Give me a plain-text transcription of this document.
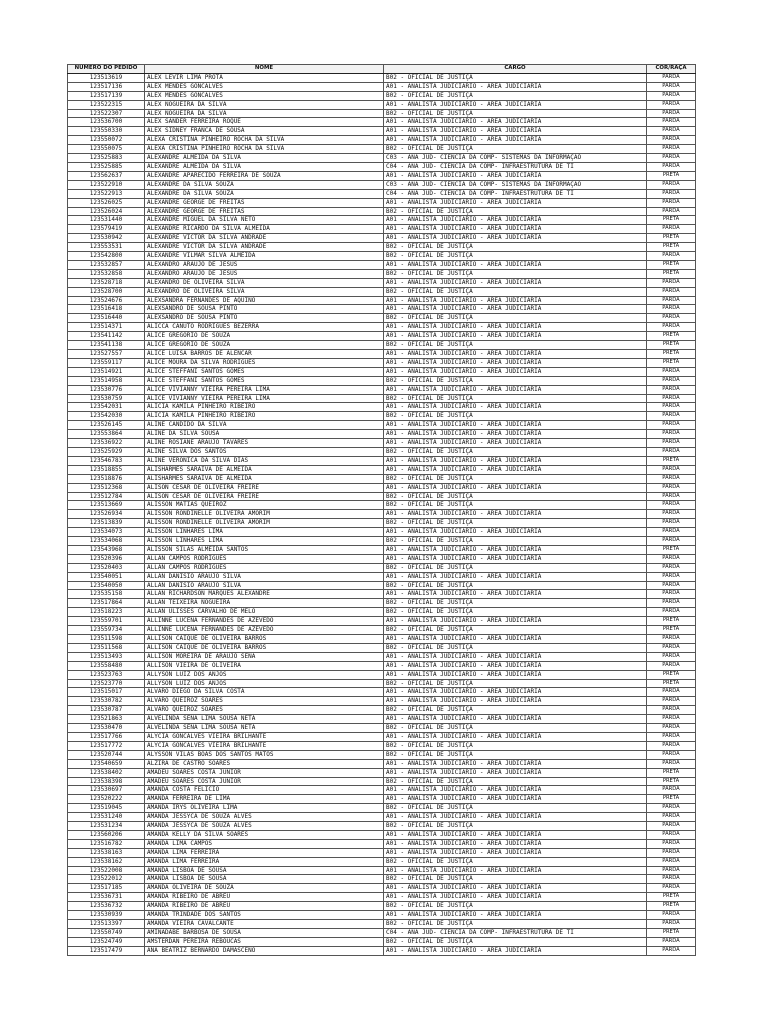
NUMERO DO PEDIDO	NOME	CARGO	COR/RAÇA
123513619	ALEX LEVIR LIMA PROTA	B02 - OFICIAL DE JUSTIÇA	PARDA
123517136	ALEX MENDES GONCALVES	A01 - ANALISTA JUDICIÁRIO - ÁREA JUDICIÁRIA	PARDA
123517139	ALEX MENDES GONCALVES	B02 - OFICIAL DE JUSTIÇA	PARDA
123522315	ALEX NOGUEIRA DA SILVA	A01 - ANALISTA JUDICIÁRIO - ÁREA JUDICIÁRIA	PARDA
123522307	ALEX NOGUEIRA DA SILVA	B02 - OFICIAL DE JUSTIÇA	PARDA
123536700	ALEX SANDER FERREIRA ROQUE	A01 - ANALISTA JUDICIÁRIO - ÁREA JUDICIÁRIA	PARDA
123550330	ALEX SIDNEY FRANCA DE SOUSA	A01 - ANALISTA JUDICIÁRIO - ÁREA JUDICIÁRIA	PARDA
123550072	ALEXA CRISTINA PINHEIRO ROCHA DA SILVA	A01 - ANALISTA JUDICIÁRIO - ÁREA JUDICIÁRIA	PARDA
123550075	ALEXA CRISTINA PINHEIRO ROCHA DA SILVA	B02 - OFICIAL DE JUSTIÇA	PARDA
123525883	ALEXANDRE ALMEIDA DA SILVA	C03 - ANA JUD- CIÊNCIA DA COMP- SISTEMAS DA INFORMAÇÃO	PARDA
123525885	ALEXANDRE ALMEIDA DA SILVA	C04 - ANA JUD- CIÊNCIA DA COMP- INFRAESTRUTURA DE TI	PARDA
123562637	ALEXANDRE APARECIDO FERREIRA DE SOUZA	A01 - ANALISTA JUDICIÁRIO - ÁREA JUDICIÁRIA	PRETA
123522910	ALEXANDRE DA SILVA SOUZA	C03 - ANA JUD- CIÊNCIA DA COMP- SISTEMAS DA INFORMAÇÃO	PARDA
123522913	ALEXANDRE DA SILVA SOUZA	C04 - ANA JUD- CIÊNCIA DA COMP- INFRAESTRUTURA DE TI	PARDA
123526025	ALEXANDRE GEORGE DE FREITAS	A01 - ANALISTA JUDICIÁRIO - ÁREA JUDICIÁRIA	PARDA
123526024	ALEXANDRE GEORGE DE FREITAS	B02 - OFICIAL DE JUSTIÇA	PARDA
123531440	ALEXANDRE MIGUEL DA SILVA NETO	A01 - ANALISTA JUDICIÁRIO - ÁREA JUDICIÁRIA	PRETA
123579419	ALEXANDRE RICARDO DA SILVA ALMEIDA	A01 - ANALISTA JUDICIÁRIO - ÁREA JUDICIÁRIA	PARDA
123530942	ALEXANDRE VICTOR DA SILVA ANDRADE	A01 - ANALISTA JUDICIÁRIO - ÁREA JUDICIÁRIA	PRETA
123553531	ALEXANDRE VICTOR DA SILVA ANDRADE	B02 - OFICIAL DE JUSTIÇA	PRETA
123542800	ALEXANDRE VILMAR SILVA ALMEIDA	B02 - OFICIAL DE JUSTIÇA	PARDA
123532857	ALEXANDRO ARAUJO DE JESUS	A01 - ANALISTA JUDICIÁRIO - ÁREA JUDICIÁRIA	PRETA
123532858	ALEXANDRO ARAUJO DE JESUS	B02 - OFICIAL DE JUSTIÇA	PRETA
123528718	ALEXANDRO DE OLIVEIRA SILVA	A01 - ANALISTA JUDICIÁRIO - ÁREA JUDICIÁRIA	PARDA
123528700	ALEXANDRO DE OLIVEIRA SILVA	B02 - OFICIAL DE JUSTIÇA	PARDA
123524676	ALEXSANDRA FERNANDES DE AQUINO	A01 - ANALISTA JUDICIÁRIO - ÁREA JUDICIÁRIA	PARDA
123516418	ALEXSANDRO DE SOUSA PINTO	A01 - ANALISTA JUDICIÁRIO - ÁREA JUDICIÁRIA	PARDA
123516440	ALEXSANDRO DE SOUSA PINTO	B02 - OFICIAL DE JUSTIÇA	PARDA
123514371	ALICCA CANUTO RODRIGUES BEZERRA	A01 - ANALISTA JUDICIÁRIO - ÁREA JUDICIÁRIA	PARDA
123541142	ALICE GREGORIO DE SOUZA	A01 - ANALISTA JUDICIÁRIO - ÁREA JUDICIÁRIA	PRETA
123541138	ALICE GREGORIO DE SOUZA	B02 - OFICIAL DE JUSTIÇA	PRETA
123527557	ALICE LUISA BARROS DE ALENCAR	A01 - ANALISTA JUDICIÁRIO - ÁREA JUDICIÁRIA	PRETA
123559117	ALICE MOURA DA SILVA RODRIGUES	A01 - ANALISTA JUDICIÁRIO - ÁREA JUDICIÁRIA	PRETA
123514921	ALICE STEFFANI SANTOS GOMES	A01 - ANALISTA JUDICIÁRIO - ÁREA JUDICIÁRIA	PARDA
123514958	ALICE STEFFANI SANTOS GOMES	B02 - OFICIAL DE JUSTIÇA	PARDA
123530776	ALICE VIVIANNY VIEIRA PEREIRA LIMA	A01 - ANALISTA JUDICIÁRIO - ÁREA JUDICIÁRIA	PARDA
123530759	ALICE VIVIANNY VIEIRA PEREIRA LIMA	B02 - OFICIAL DE JUSTIÇA	PARDA
123542031	ALICIA KAMILA PINHEIRO RIBEIRO	A01 - ANALISTA JUDICIÁRIO - ÁREA JUDICIÁRIA	PARDA
123542030	ALICIA KAMILA PINHEIRO RIBEIRO	B02 - OFICIAL DE JUSTIÇA	PARDA
123526145	ALINE CANDIDO DA SILVA	A01 - ANALISTA JUDICIÁRIO - ÁREA JUDICIÁRIA	PARDA
123553864	ALINE DA SILVA SOUSA	A01 - ANALISTA JUDICIÁRIO - ÁREA JUDICIÁRIA	PARDA
123536922	ALINE ROSIANE ARAUJO TAVARES	A01 - ANALISTA JUDICIÁRIO - ÁREA JUDICIÁRIA	PARDA
123525929	ALINE SILVA DOS SANTOS	B02 - OFICIAL DE JUSTIÇA	PARDA
123546783	ALINE VERONICA DA SILVA DIAS	A01 - ANALISTA JUDICIÁRIO - ÁREA JUDICIÁRIA	PRETA
123518855	ALISHARMES SARAIVA DE ALMEIDA	A01 - ANALISTA JUDICIÁRIO - ÁREA JUDICIÁRIA	PARDA
123518876	ALISHARMES SARAIVA DE ALMEIDA	B02 - OFICIAL DE JUSTIÇA	PARDA
123512368	ALISON CESAR DE OLIVEIRA FREIRE	A01 - ANALISTA JUDICIÁRIO - ÁREA JUDICIÁRIA	PARDA
123512784	ALISON CESAR DE OLIVEIRA FREIRE	B02 - OFICIAL DE JUSTIÇA	PARDA
123513669	ALISSON MATIAS QUEIROZ	B02 - OFICIAL DE JUSTIÇA	PARDA
123526934	ALISSON RONDINELLE OLIVEIRA AMORIM	A01 - ANALISTA JUDICIÁRIO - ÁREA JUDICIÁRIA	PARDA
123513839	ALISSON RONDINELLE OLIVEIRA AMORIM	B02 - OFICIAL DE JUSTIÇA	PARDA
123534073	ALISSON LINHARES LIMA	A01 - ANALISTA JUDICIÁRIO - ÁREA JUDICIÁRIA	PARDA
123534068	ALISSON LINHARES LIMA	B02 - OFICIAL DE JUSTIÇA	PARDA
123543968	ALISSON SILAS ALMEIDA SANTOS	A01 - ANALISTA JUDICIÁRIO - ÁREA JUDICIÁRIA	PRETA
123520396	ALLAN CAMPOS RODRIGUES	A01 - ANALISTA JUDICIÁRIO - ÁREA JUDICIÁRIA	PARDA
123520403	ALLAN CAMPOS RODRIGUES	B02 - OFICIAL DE JUSTIÇA	PARDA
123540051	ALLAN DANISIO ARAUJO SILVA	A01 - ANALISTA JUDICIÁRIO - ÁREA JUDICIÁRIA	PARDA
123540050	ALLAN DANISIO ARAUJO SILVA	B02 - OFICIAL DE JUSTIÇA	PARDA
123535158	ALLAN RICHARDSON MARQUES ALEXANDRE	A01 - ANALISTA JUDICIÁRIO - ÁREA JUDICIÁRIA	PARDA
123517864	ALLAN TEIXEIRA NOGUEIRA	B02 - OFICIAL DE JUSTIÇA	PARDA
123518223	ALLAN ULISSES CARVALHO DE MELO	B02 - OFICIAL DE JUSTIÇA	PARDA
123559701	ALLINNE LUCENA FERNANDES DE AZEVEDO	A01 - ANALISTA JUDICIÁRIO - ÁREA JUDICIÁRIA	PRETA
123559734	ALLINNE LUCENA FERNANDES DE AZEVEDO	B02 - OFICIAL DE JUSTIÇA	PRETA
123511598	ALLISON CAIQUE DE OLIVEIRA BARROS	A01 - ANALISTA JUDICIÁRIO - ÁREA JUDICIÁRIA	PARDA
123511568	ALLISON CAIQUE DE OLIVEIRA BARROS	B02 - OFICIAL DE JUSTIÇA	PARDA
123513493	ALLISON MOREIRA DE ARAUJO SENA	A01 - ANALISTA JUDICIÁRIO - ÁREA JUDICIÁRIA	PARDA
123558480	ALLISON VIEIRA DE OLIVEIRA	A01 - ANALISTA JUDICIÁRIO - ÁREA JUDICIÁRIA	PARDA
123523763	ALLYSON LUIZ DOS ANJOS	A01 - ANALISTA JUDICIÁRIO - ÁREA JUDICIÁRIA	PRETA
123523770	ALLYSON LUIZ DOS ANJOS	B02 - OFICIAL DE JUSTIÇA	PRETA
123515017	ALVARO DIEGO DA SILVA COSTA	A01 - ANALISTA JUDICIÁRIO - ÁREA JUDICIÁRIA	PARDA
123530782	ALVARO QUEIROZ SOARES	A01 - ANALISTA JUDICIÁRIO - ÁREA JUDICIÁRIA	PARDA
123530787	ALVARO QUEIROZ SOARES	B02 - OFICIAL DE JUSTIÇA	PARDA
123521863	ALVELINDA SENA LIMA SOUSA NETA	A01 - ANALISTA JUDICIÁRIO - ÁREA JUDICIÁRIA	PARDA
123530470	ALVELINDA SENA LIMA SOUSA NETA	B02 - OFICIAL DE JUSTIÇA	PARDA
123517766	ALYCIA GONCALVES VIEIRA BRILHANTE	A01 - ANALISTA JUDICIÁRIO - ÁREA JUDICIÁRIA	PARDA
123517772	ALYCIA GONCALVES VIEIRA BRILHANTE	B02 - OFICIAL DE JUSTIÇA	PARDA
123520744	ALYSSON VILAS BOAS DOS SANTOS MATOS	B02 - OFICIAL DE JUSTIÇA	PARDA
123540659	ALZIRA DE CASTRO SOARES	A01 - ANALISTA JUDICIÁRIO - ÁREA JUDICIÁRIA	PARDA
123538402	AMADEU SOARES COSTA JUNIOR	A01 - ANALISTA JUDICIÁRIO - ÁREA JUDICIÁRIA	PRETA
123538398	AMADEU SOARES COSTA JUNIOR	B02 - OFICIAL DE JUSTIÇA	PRETA
123530697	AMANDA COSTA FELICIO	A01 - ANALISTA JUDICIÁRIO - ÁREA JUDICIÁRIA	PARDA
123520222	AMANDA FERREIRA DE LIMA	A01 - ANALISTA JUDICIÁRIO - ÁREA JUDICIÁRIA	PRETA
123519045	AMANDA IRYS OLIVEIRA LIMA	B02 - OFICIAL DE JUSTIÇA	PARDA
123531240	AMANDA JESSYCA DE SOUZA ALVES	A01 - ANALISTA JUDICIÁRIO - ÁREA JUDICIÁRIA	PARDA
123531234	AMANDA JESSYCA DE SOUZA ALVES	B02 - OFICIAL DE JUSTIÇA	PARDA
123560206	AMANDA KELLY DA SILVA SOARES	A01 - ANALISTA JUDICIÁRIO - ÁREA JUDICIÁRIA	PARDA
123516782	AMANDA LIMA CAMPOS	A01 - ANALISTA JUDICIÁRIO - ÁREA JUDICIÁRIA	PARDA
123538163	AMANDA LIMA FERREIRA	A01 - ANALISTA JUDICIÁRIO - ÁREA JUDICIÁRIA	PARDA
123538162	AMANDA LIMA FERREIRA	B02 - OFICIAL DE JUSTIÇA	PARDA
123522008	AMANDA LISBOA DE SOUSA	A01 - ANALISTA JUDICIÁRIO - ÁREA JUDICIÁRIA	PARDA
123522012	AMANDA LISBOA DE SOUSA	B02 - OFICIAL DE JUSTIÇA	PARDA
123517185	AMANDA OLIVEIRA DE SOUZA	A01 - ANALISTA JUDICIÁRIO - ÁREA JUDICIÁRIA	PARDA
123536731	AMANDA RIBEIRO DE ABREU	A01 - ANALISTA JUDICIÁRIO - ÁREA JUDICIÁRIA	PRETA
123536732	AMANDA RIBEIRO DE ABREU	B02 - OFICIAL DE JUSTIÇA	PRETA
123530939	AMANDA TRINDADE DOS SANTOS	A01 - ANALISTA JUDICIÁRIO - ÁREA JUDICIÁRIA	PARDA
123513397	AMANDA VIEIRA CAVALCANTE	B02 - OFICIAL DE JUSTIÇA	PARDA
123550749	AMINADABE BARBOSA DE SOUSA	C04 - ANA JUD- CIÊNCIA DA COMP- INFRAESTRUTURA DE TI	PRETA
123524749	AMSTERDAN PEREIRA REBOUCAS	B02 - OFICIAL DE JUSTIÇA	PARDA
123517479	ANA BEATRIZ BERNARDO DAMASCENO	A01 - ANALISTA JUDICIÁRIO - ÁREA JUDICIÁRIA	PARDA
